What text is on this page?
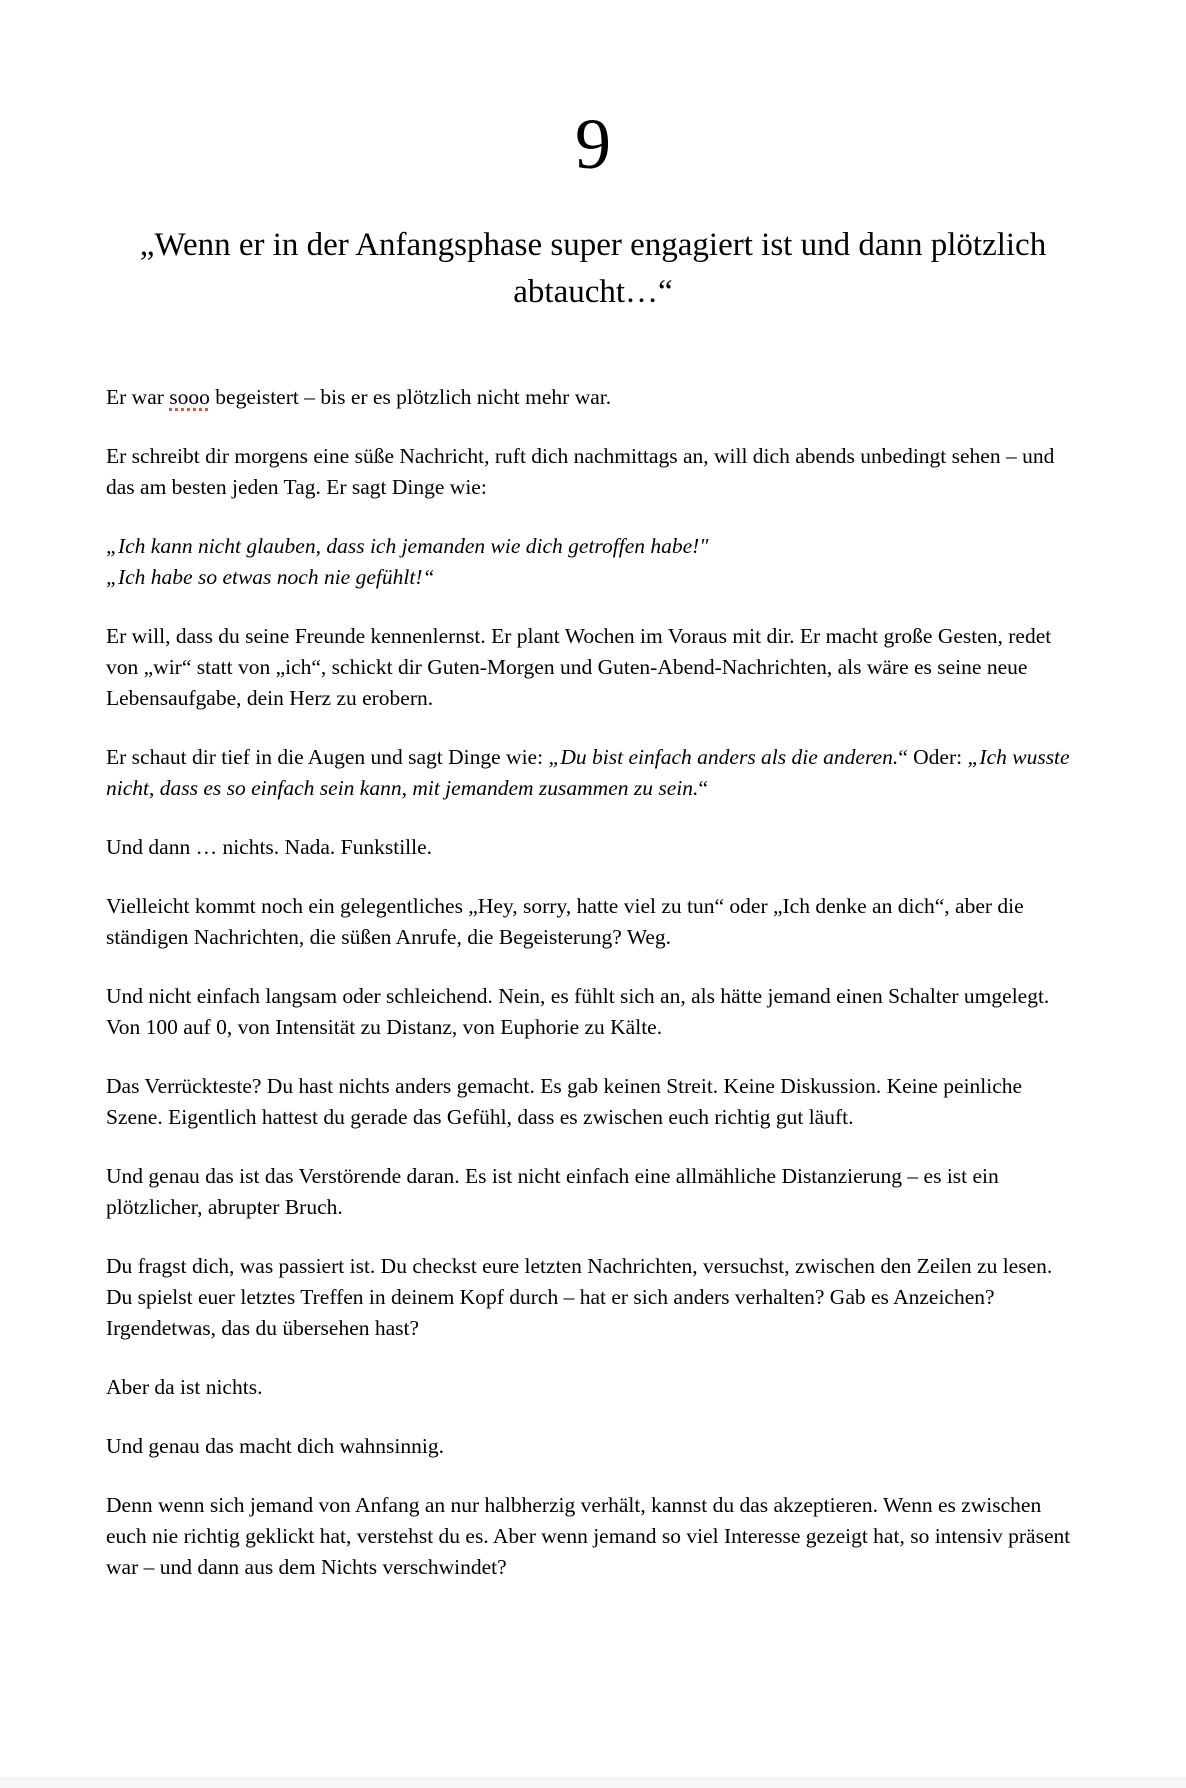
9
„Wenn er in der Anfangsphase super engagiert ist und dann plötzlich abtaucht…“

Er war sooo begeistert – bis er es plötzlich nicht mehr war.

Er schreibt dir morgens eine süße Nachricht, ruft dich nachmittags an, will dich abends unbedingt sehen – und das am besten jeden Tag. Er sagt Dinge wie:

„Ich kann nicht glauben, dass ich jemanden wie dich getroffen habe!"
„Ich habe so etwas noch nie gefühlt!“

Er will, dass du seine Freunde kennenlernst. Er plant Wochen im Voraus mit dir. Er macht große Gesten, redet von „wir“ statt von „ich“, schickt dir Guten-Morgen und Guten-Abend-Nachrichten, als wäre es seine neue Lebensaufgabe, dein Herz zu erobern.

Er schaut dir tief in die Augen und sagt Dinge wie: „Du bist einfach anders als die anderen.“ Oder: „Ich wusste nicht, dass es so einfach sein kann, mit jemandem zusammen zu sein.“

Und dann … nichts. Nada. Funkstille.

Vielleicht kommt noch ein gelegentliches „Hey, sorry, hatte viel zu tun“ oder „Ich denke an dich“, aber die ständigen Nachrichten, die süßen Anrufe, die Begeisterung? Weg.

Und nicht einfach langsam oder schleichend. Nein, es fühlt sich an, als hätte jemand einen Schalter umgelegt. Von 100 auf 0, von Intensität zu Distanz, von Euphorie zu Kälte.

Das Verrückteste? Du hast nichts anders gemacht. Es gab keinen Streit. Keine Diskussion. Keine peinliche Szene. Eigentlich hattest du gerade das Gefühl, dass es zwischen euch richtig gut läuft.

Und genau das ist das Verstörende daran. Es ist nicht einfach eine allmähliche Distanzierung – es ist ein plötzlicher, abrupter Bruch.

Du fragst dich, was passiert ist. Du checkst eure letzten Nachrichten, versuchst, zwischen den Zeilen zu lesen. Du spielst euer letztes Treffen in deinem Kopf durch – hat er sich anders verhalten? Gab es Anzeichen? Irgendetwas, das du übersehen hast?

Aber da ist nichts.

Und genau das macht dich wahnsinnig.

Denn wenn sich jemand von Anfang an nur halbherzig verhält, kannst du das akzeptieren. Wenn es zwischen euch nie richtig geklickt hat, verstehst du es. Aber wenn jemand so viel Interesse gezeigt hat, so intensiv präsent war – und dann aus dem Nichts verschwindet?
